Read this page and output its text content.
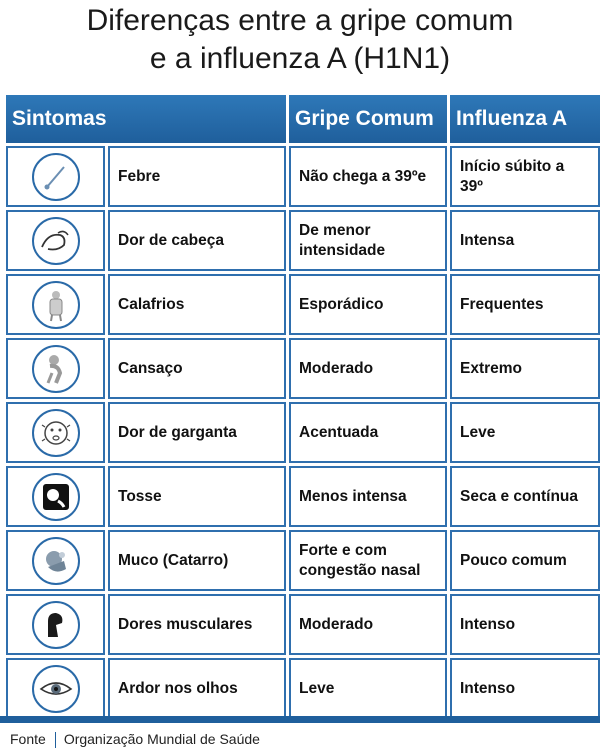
Diferenças entre a gripe comum
e a influenza A (H1N1)
Sintomas		Gripe Comum	Influenza A

	Febre	Não chega a 39ºe	Início súbito a 39º

	Dor de cabeça	De menor intensidade	Intensa

	Calafrios	Esporádico	Frequentes

	Cansaço	Moderado	Extremo

	Dor de garganta	Acentuada	Leve

	Tosse	Menos intensa	Seca e contínua

	Muco (Catarro)	Forte e com congestão nasal	Pouco comum

	Dores musculares	Moderado	Intenso

	Ardor nos olhos	Leve	Intenso
Fonte Organização Mundial de Saúde
